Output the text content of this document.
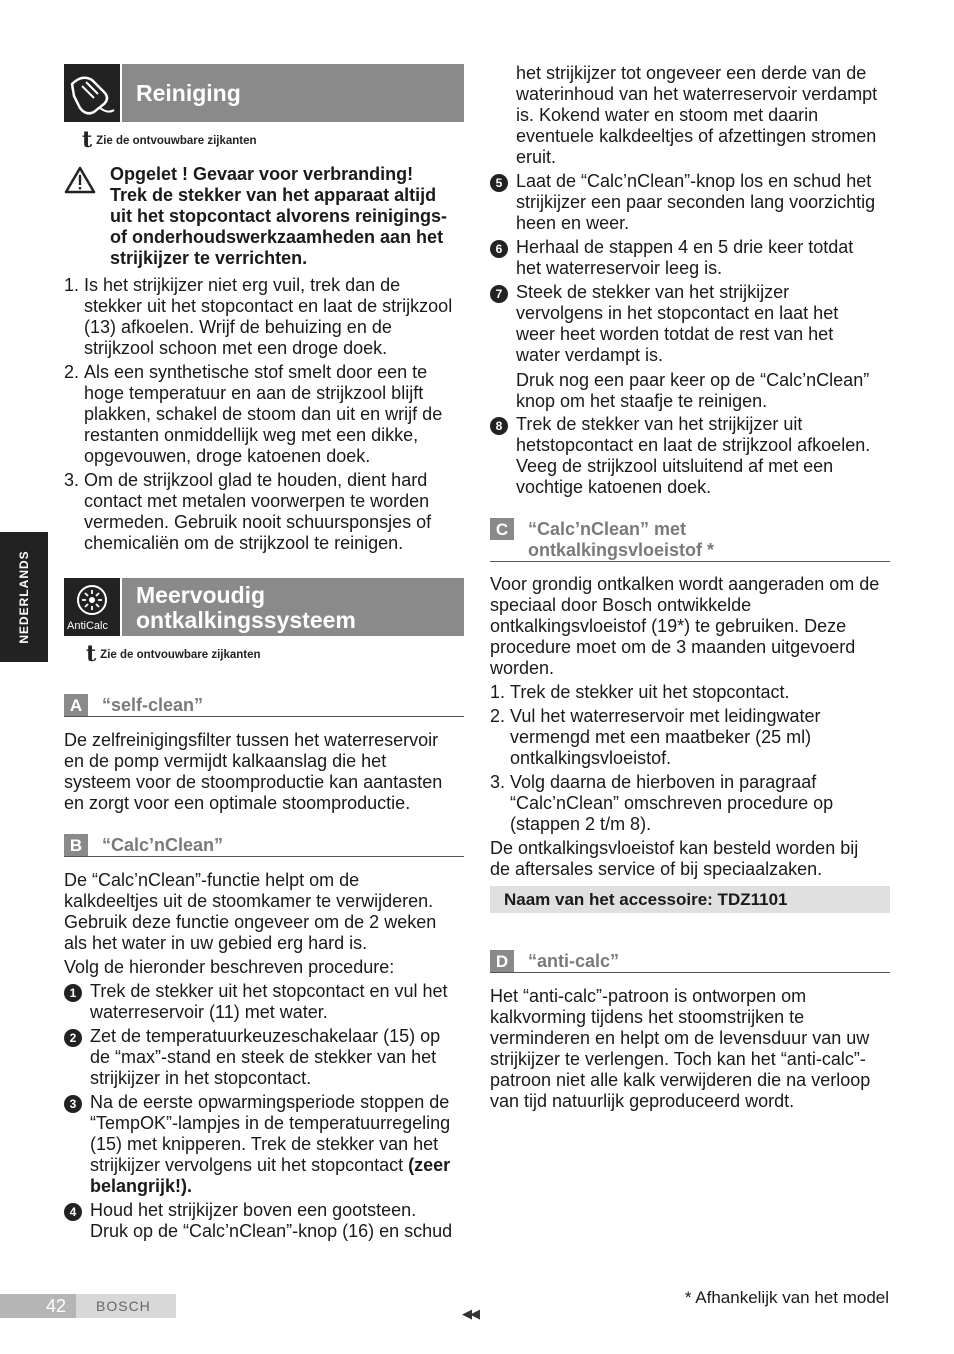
Reiniging
t Zie de ontvouwbare zijkanten
Opgelet ! Gevaar voor verbranding!
Trek de stekker van het apparaat altijd
uit het stopcontact alvorens reinigings-
of onderhoudswerkzaamheden aan het
strijkijzer te verrichten.
1. Is het strijkijzer niet erg vuil, trek dan de
stekker uit het stopcontact en laat de strijkzool
(13) afkoelen. Wrijf de behuizing en de
strijkzool schoon met een droge doek.
2. Als een synthetische stof smelt door een te
hoge temperatuur en aan de strijkzool blijft
plakken, schakel de stoom dan uit en wrijf de
restanten onmiddellijk weg met een dikke,
opgevouwen, droge katoenen doek.
3. Om de strijkzool glad te houden, dient hard
contact met metalen voorwerpen te worden
vermeden. Gebruik nooit schuursponsjes of
chemicaliën om de strijkzool te reinigen.
AntiCalc
Meervoudig
ontkalkingssysteem
t Zie de ontvouwbare zijkanten
A	“self-clean”
De zelfreinigingsfilter tussen het waterreservoir
en de pomp vermijdt kalkaanslag die het
systeem voor de stoomproductie kan aantasten
en zorgt voor een optimale stoomproductie.
B	“Calc’nClean”
De “Calc’nClean”-functie helpt om de
kalkdeeltjes uit de stoomkamer te verwijderen.
Gebruik deze functie ongeveer om de 2 weken
als het water in uw gebied erg hard is.
Volg de hieronder beschreven procedure:
1 Trek de stekker uit het stopcontact en vul het
waterreservoir (11) met water.
2 Zet de temperatuurkeuzeschakelaar (15) op
de “max”-stand en steek de stekker van het
strijkijzer in het stopcontact.
3 Na de eerste opwarmingsperiode stoppen de
“TempOK”-lampjes in de temperatuurregeling
(15) met knipperen. Trek de stekker van het
strijkijzer vervolgens uit het stopcontact (zeer
belangrijk!).
4 Houd het strijkijzer boven een gootsteen.
Druk op de “Calc’nClean”-knop (16) en schud
het strijkijzer tot ongeveer een derde van de
waterinhoud van het waterreservoir verdampt
is. Kokend water en stoom met daarin
eventuele kalkdeeltjes of afzettingen stromen
eruit.
5 Laat de “Calc’nClean”-knop los en schud het
strijkijzer een paar seconden lang voorzichtig
heen en weer.
6 Herhaal de stappen 4 en 5 drie keer totdat
het waterreservoir leeg is.
7 Steek de stekker van het strijkijzer
vervolgens in het stopcontact en laat het
weer heet worden totdat de rest van het
water verdampt is.
Druk nog een paar keer op de “Calc’nClean”
knop om het staafje te reinigen.
8 Trek de stekker van het strijkijzer uit
hetstopcontact en laat de strijkzool afkoelen.
Veeg de strijkzool uitsluitend af met een
vochtige katoenen doek.
C	“Calc’nClean” met
ontkalkingsvloeistof *
Voor grondig ontkalken wordt aangeraden om de
speciaal door Bosch ontwikkelde
ontkalkingsvloeistof (19*) te gebruiken. Deze
procedure moet om de 3 maanden uitgevoerd
worden.
1. Trek de stekker uit het stopcontact.
2. Vul het waterreservoir met leidingwater
vermengd met een maatbeker (25 ml)
ontkalkingsvloeistof.
3. Volg daarna de hierboven in paragraaf
“Calc’nClean” omschreven procedure op
(stappen 2 t/m 8).
De ontkalkingsvloeistof kan besteld worden bij
de aftersales service of bij speciaalzaken.
Naam van het accessoire: TDZ1101
D	“anti-calc”
Het “anti-calc”-patroon is ontworpen om
kalkvorming tijdens het stoomstrijken te
verminderen en helpt om de levensduur van uw
strijkijzer te verlengen. Toch kan het “anti-calc”-
patroon niet alle kalk verwijderen die na verloop
van tijd natuurlijk geproduceerd wordt.
NEDERLANDS
42	BOSCH	◀◀
* Afhankelijk van het model
